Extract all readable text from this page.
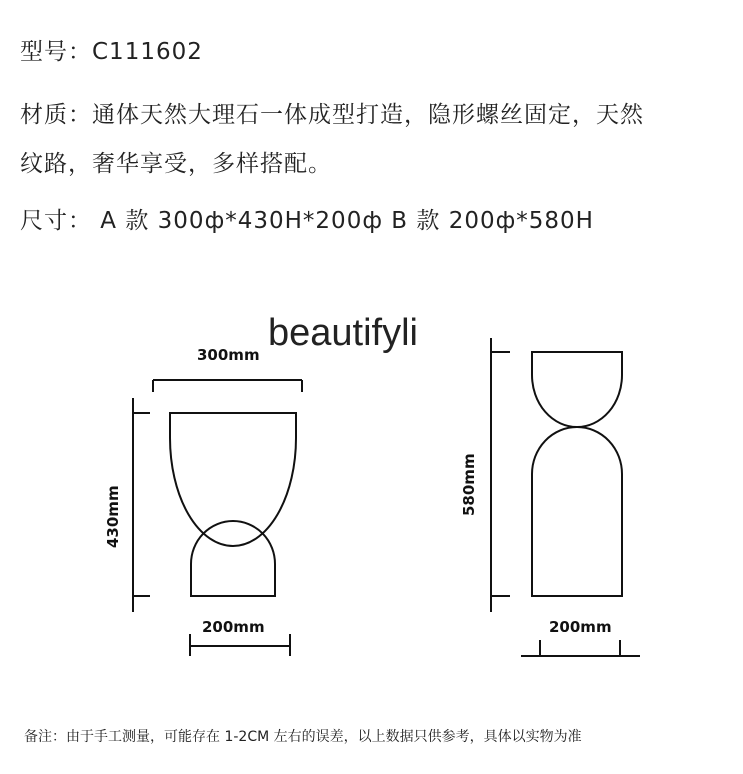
型号：C111602
材质：通体天然大理石一体成型打造，隐形螺丝固定，天然
纹路，奢华享受，多样搭配。
尺寸： A 款 300ф*430H*200ф B 款 200ф*580H
beautifyli
300mm
200mm
430mm
580mm
200mm
备注：由于手工测量，可能存在 1-2CM 左右的误差，以上数据只供参考，具体以实物为准
